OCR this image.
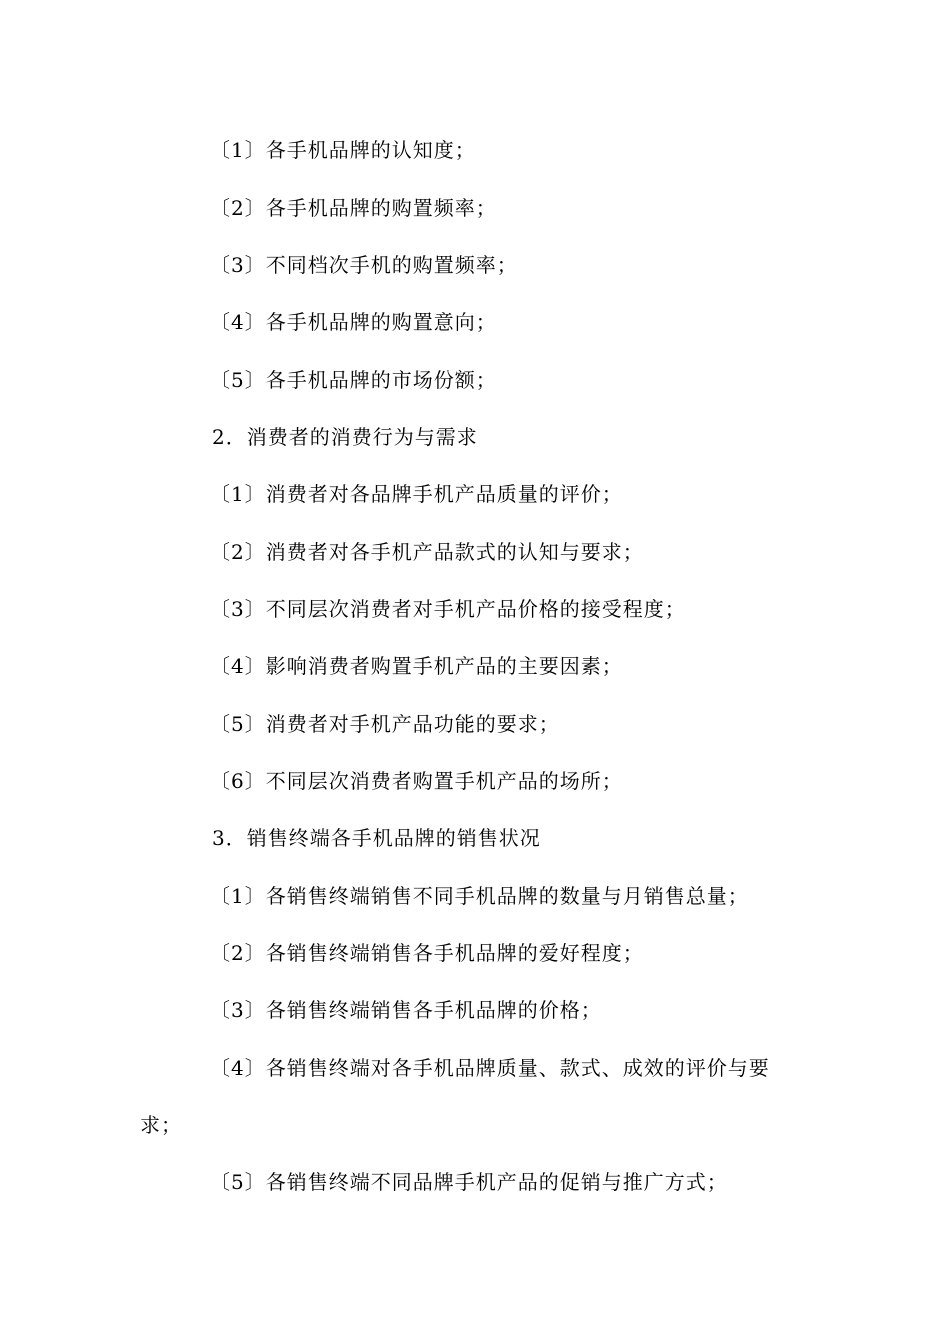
〔1〕各手机品牌的认知度；
〔2〕各手机品牌的购置频率；
〔3〕不同档次手机的购置频率；
〔4〕各手机品牌的购置意向；
〔5〕各手机品牌的市场份额；
2．消费者的消费行为与需求
〔1〕消费者对各品牌手机产品质量的评价；
〔2〕消费者对各手机产品款式的认知与要求；
〔3〕不同层次消费者对手机产品价格的接受程度；
〔4〕影响消费者购置手机产品的主要因素；
〔5〕消费者对手机产品功能的要求；
〔6〕不同层次消费者购置手机产品的场所；
3．销售终端各手机品牌的销售状况
〔1〕各销售终端销售不同手机品牌的数量与月销售总量；
〔2〕各销售终端销售各手机品牌的爱好程度；
〔3〕各销售终端销售各手机品牌的价格；
〔4〕各销售终端对各手机品牌质量、款式、成效的评价与要
求；
〔5〕各销售终端不同品牌手机产品的促销与推广方式；
